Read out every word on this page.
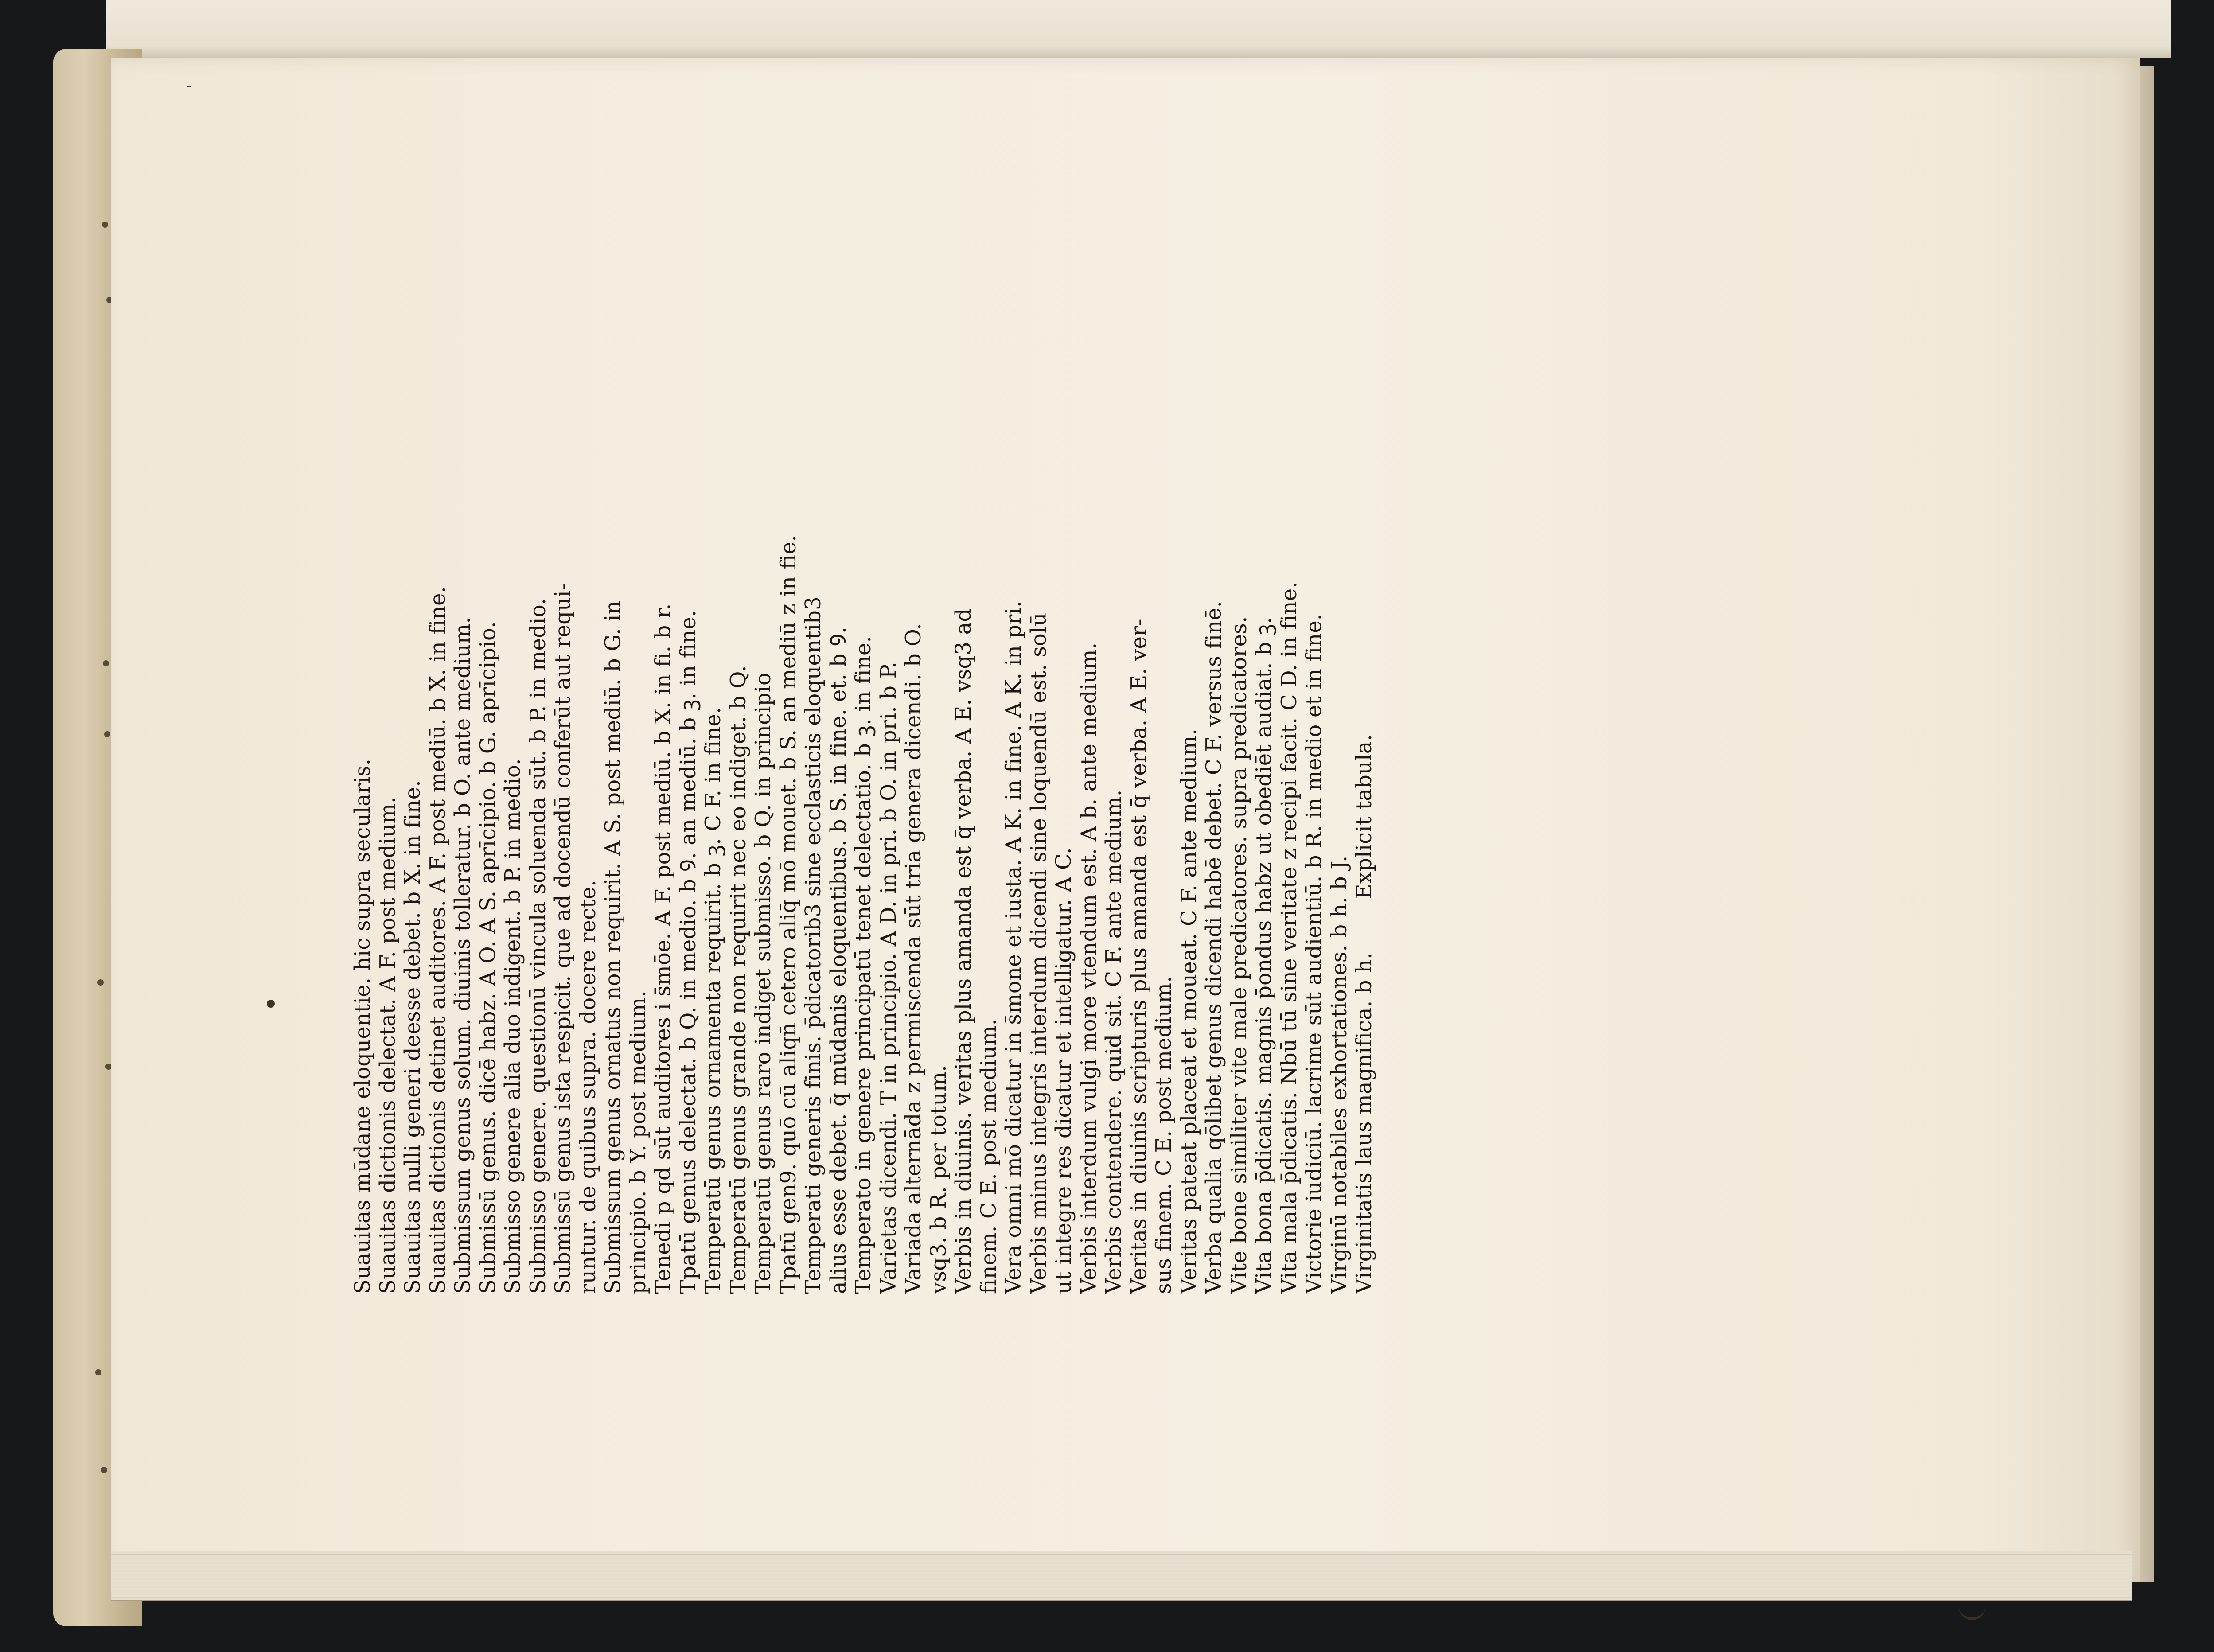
-
Suauitas mūdane eloquentie. hic supra secularis. Suauitas dictionis delectat. A F. post medium. Suauitas nulli generi deesse debet. b X. in fine. Suauitas dictionis detinet auditores. A F. post mediū. b X. in fine. Submissum genus solum. diuinis tolleratur. b O. ante medium. Submissū genus. dicē habz. A O. A S. aprīcipio. b G. aprīcipio. Submisso genere alia duo indigent. b P. in medio. Submisso genere. questionū vincula soluenda sūt. b P. in medio. Submissū genus ista respicit. que ad docendū conferūt aut requi- runtur. de quibus supra. docere recte. Submissum genus ornatus non requirit. A S. post mediū. b G. in principio. b Y. post medium. Tenedi p qd sūt auditores i s̄mōe. A F. post mediū. b X. in fi. b r. Tpatū genus delectat. b Q. in medio. b Ꝯ. an mediū. b ꝫ. in fine. Temperatū genus ornamenta requirit. b ꝫ. C F. in fine. Temperatū genus grande non requirit nec eo indiget. b Q. Temperatū genus raro indiget submisso. b Q. in principio Tpatū gen9. quō cū aliqn̄ cetero aliq̄ mō mouet. b S. an mediū z in fie. Temperati generis finis. p̄dicatorib3 sine ecclasticis eloquentib3 alius esse debet. q̄ mūdanis eloquentibus. b S. in fine. et. b Ꝯ. Temperato in genere principatū tenet delectatio. b ꝫ. in fine. Varietas dicendi. T in principio. A D. in pri. b O. in pri. b P. Variada alternāda z permiscenda sūt tria genera dicendi. b O. vsq3. b R. per totum. Verbis in diuinis. veritas plus amanda est q̄ verba. A E. vsq3 ad finem. C E. post medium. Vera omni mō dicatur in s̄mone et iusta. A K. in fine. A K. in pri. Verbis minus integris interdum dicendi sine loquendū est. solū ut integre res dicatur et intelligatur. A C. Verbis interdum vulgi more vtendum est. A b. ante medium. Verbis contendere. quid sit. C F. ante medium. Veritas in diuinis scripturis plus amanda est q̄ verba. A E. ver- sus finem. C E. post medium. Veritas pateat placeat et moueat. C F. ante medium. Verba qualia qōlibet genus dicendi habē debet. C F. versus finē. Vite bone similiter vite male predicatores. supra predicatores. Vita bona p̄dicatis. magnis p̄ondus habz ut obediēt audiat. b ꝫ. Vita mala p̄dicatis. Nbū tū sine veritate z recipi facit. C D. in fine. Victorie iudiciū. lacrime sūt audientiū. b R. in medio et in fine. Virginū notabiles exhortationes. b h. b J. Virginitatis laus magnifica. b h.Explicit tabula.
